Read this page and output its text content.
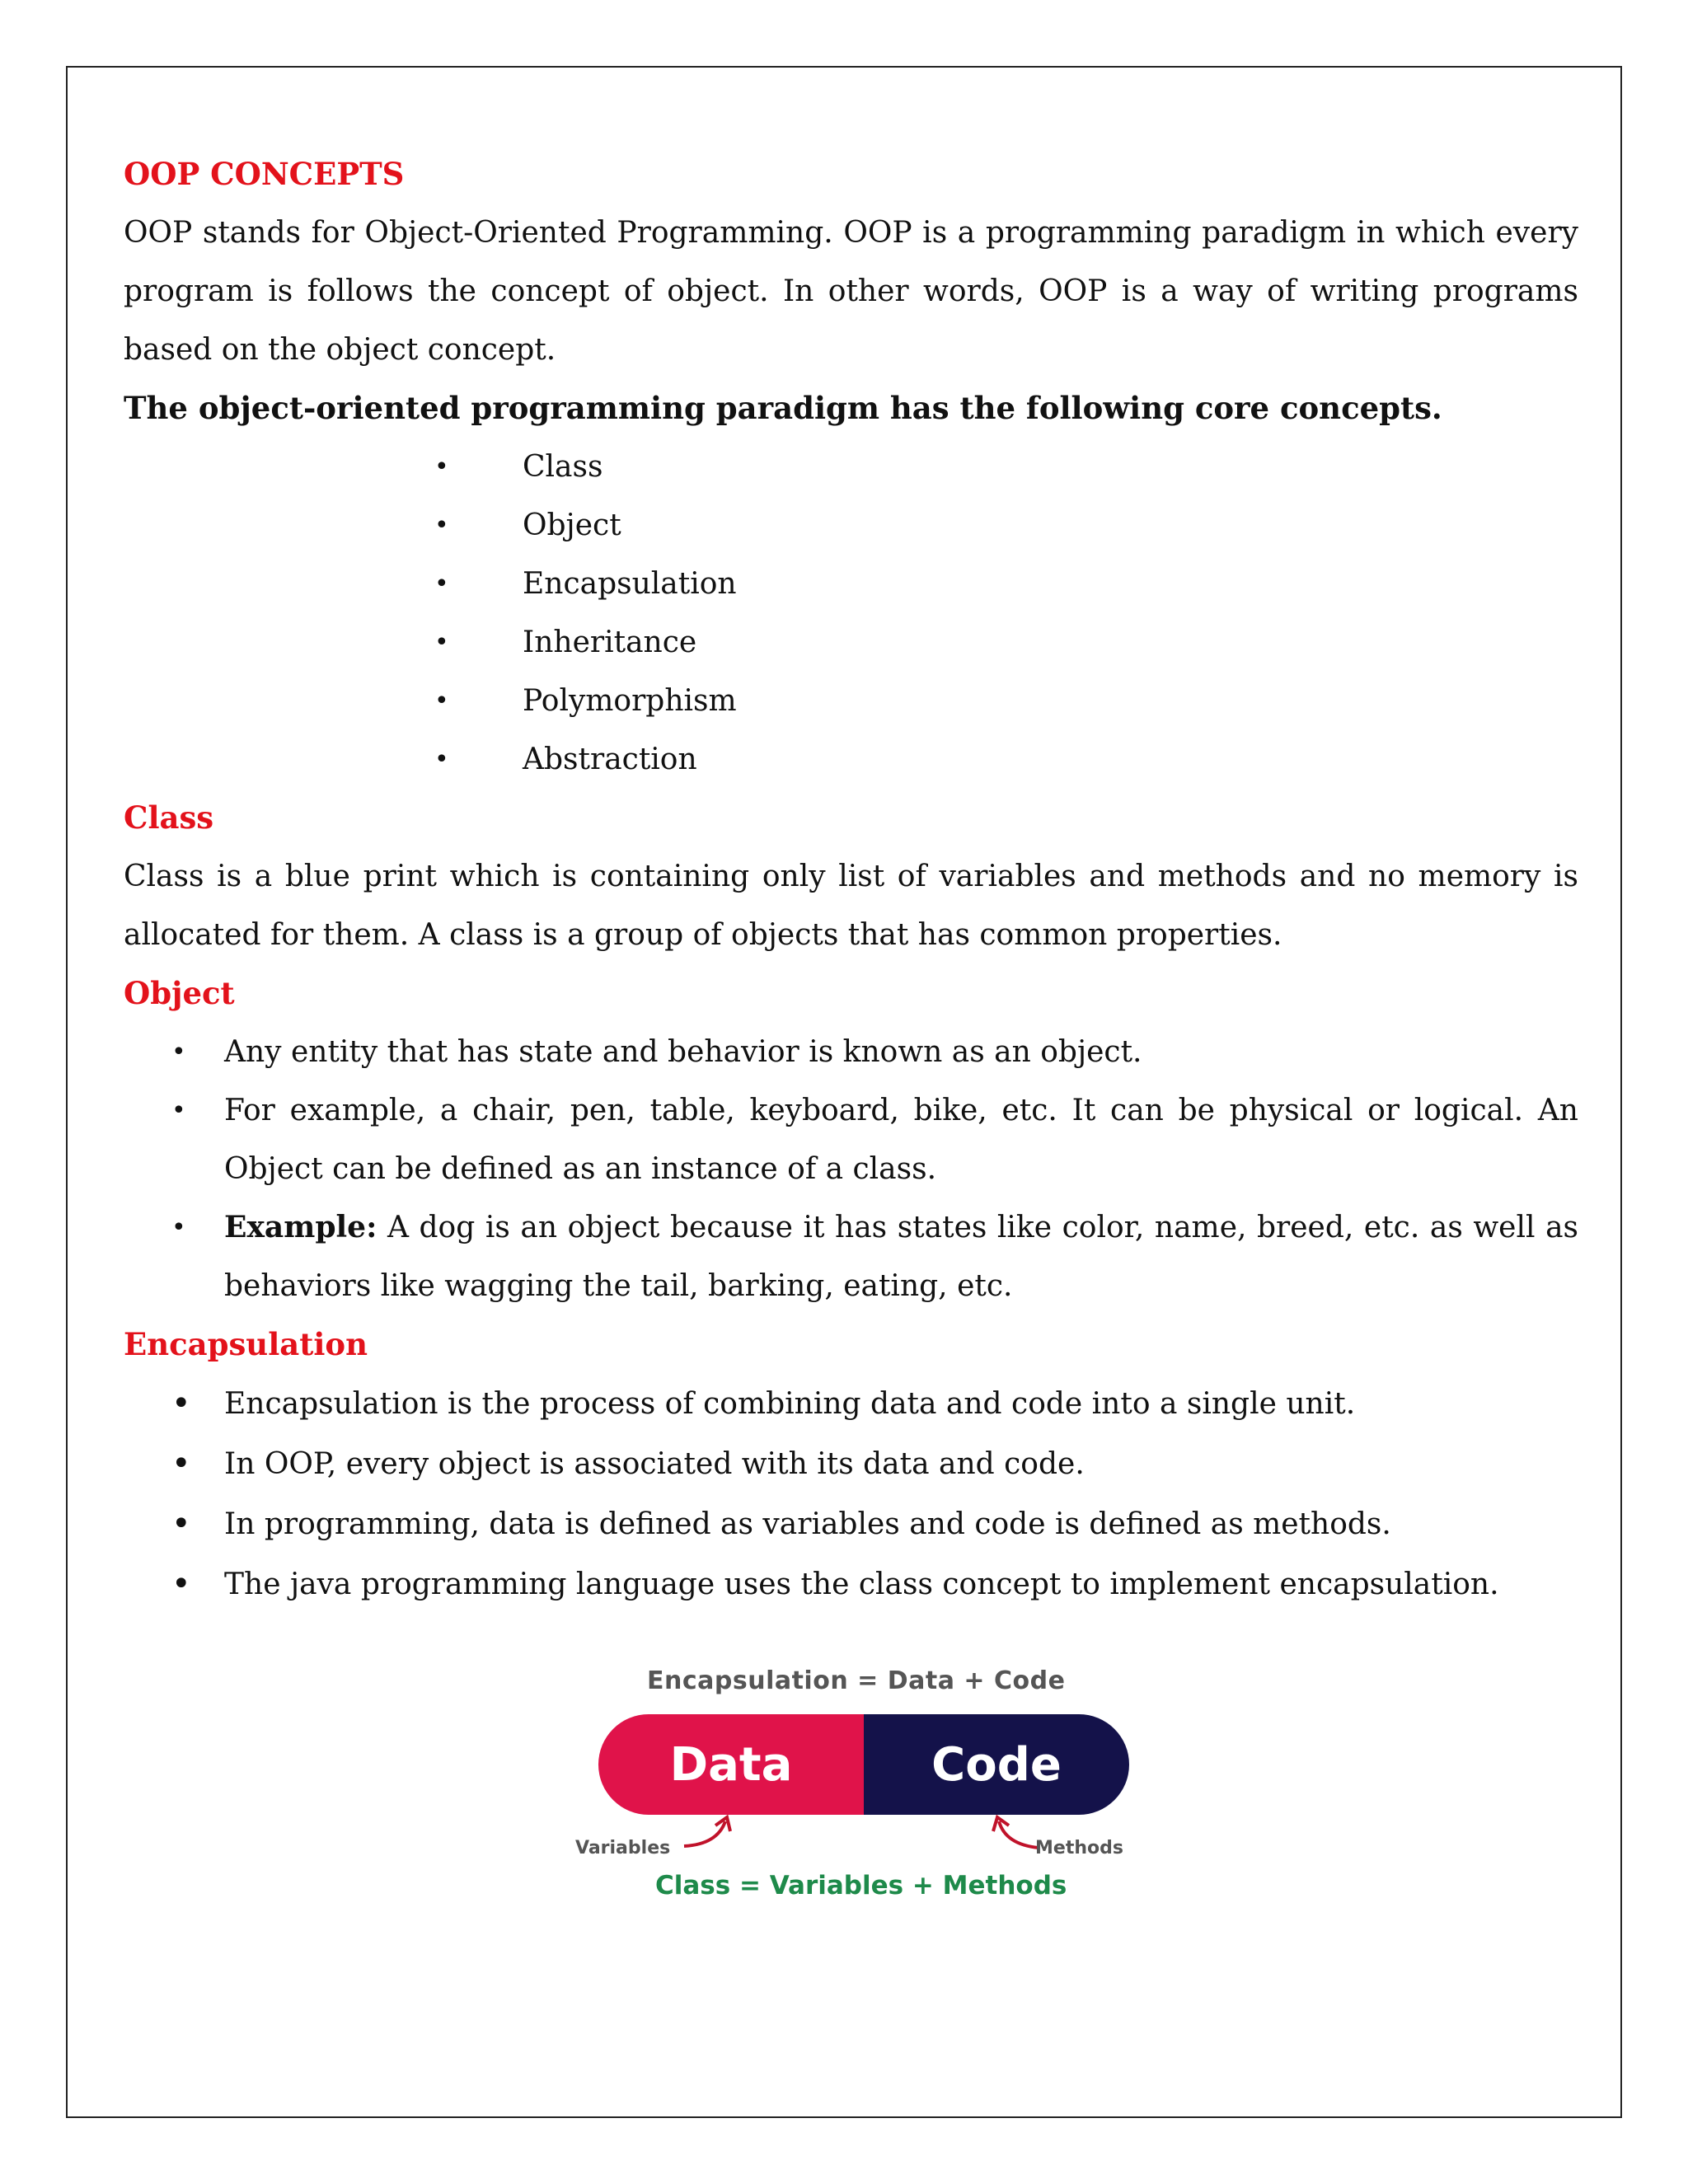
OOP CONCEPTS

OOP stands for Object-Oriented Programming. OOP is a programming paradigm in which every program is follows the concept of object. In other words, OOP is a way of writing programs based on the object concept.

The object-oriented programming paradigm has the following core concepts.

• Class
• Object
• Encapsulation
• Inheritance
• Polymorphism
• Abstraction

Class

Class is a blue print which is containing only list of variables and methods and no memory is allocated for them. A class is a group of objects that has common properties.

Object

• Any entity that has state and behavior is known as an object.
• For example, a chair, pen, table, keyboard, bike, etc. It can be physical or logical. An Object can be defined as an instance of a class.
• Example: A dog is an object because it has states like color, name, breed, etc. as well as behaviors like wagging the tail, barking, eating, etc.

Encapsulation

• Encapsulation is the process of combining data and code into a single unit.
• In OOP, every object is associated with its data and code.
• In programming, data is defined as variables and code is defined as methods.
• The java programming language uses the class concept to implement encapsulation.
Encapsulation = Data + Code
Data	Code
Variables	Methods
Class = Variables + Methods
